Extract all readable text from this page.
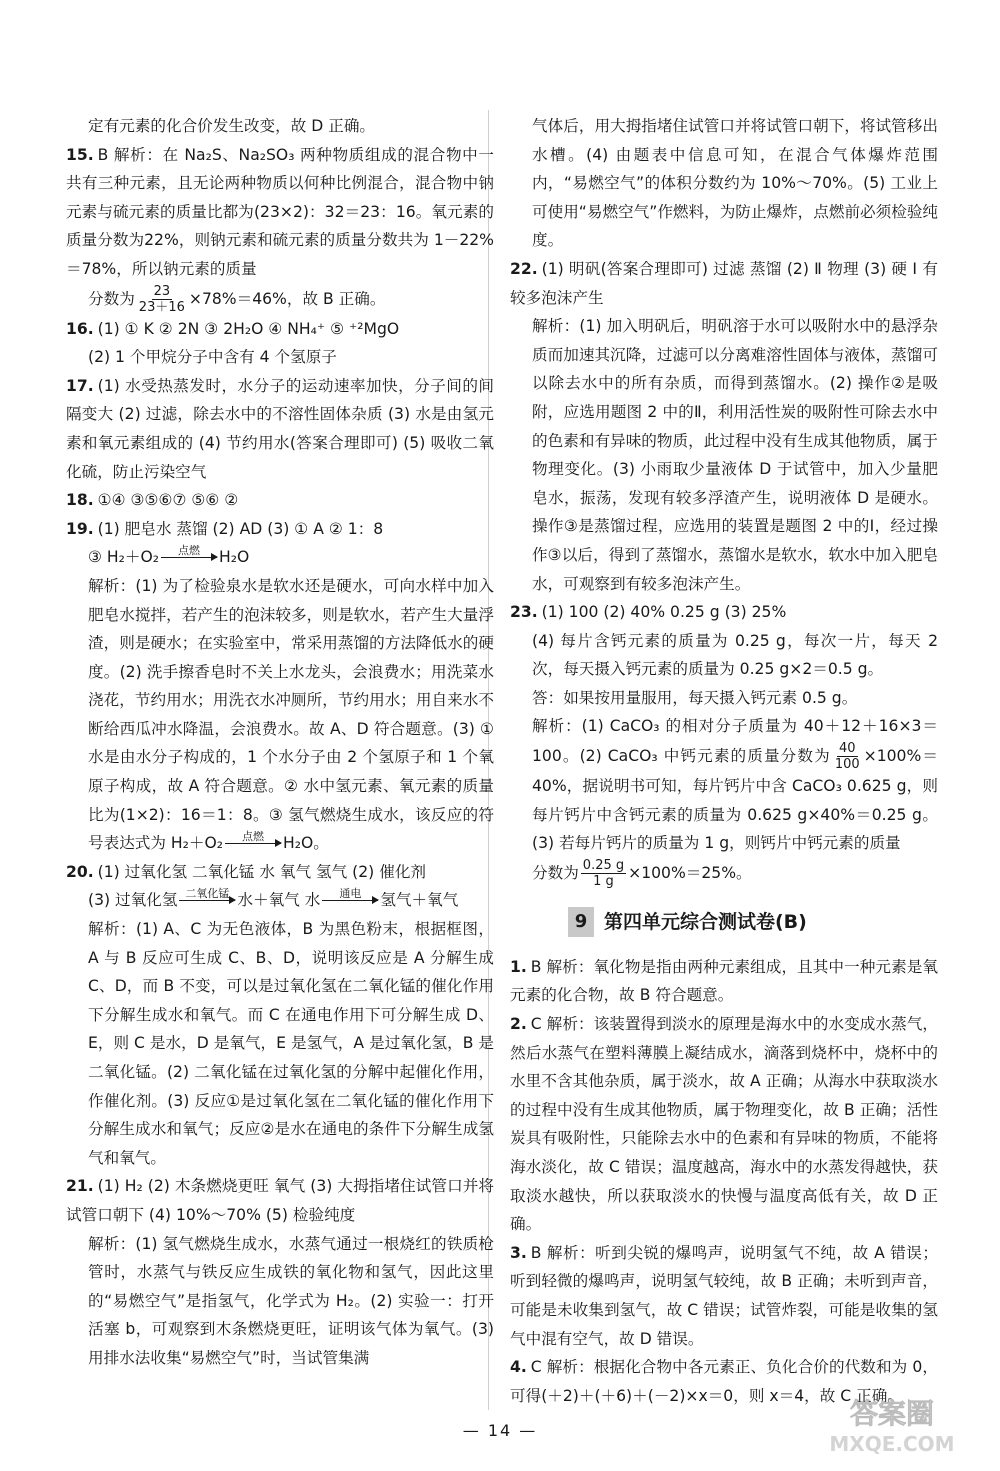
定有元素的化合价发生改变，故 D 正确。

15. B 解析：在 Na₂S、Na₂SO₃ 两种物质组成的混合物中一共有三种元素，且无论两种物质以何种比例混合，混合物中钠元素与硫元素的质量比都为(23×2)：32＝23：16。氧元素的质量分数为22%，则钠元素和硫元素的质量分数共为 1－22%＝78%，所以钠元素的质量

分数为 $\frac{23}{23+16} \times 78\%=46\%$，故 B 正确。

16. (1) ① K ② 2N ③ 2H₂O ④ NH₄⁺ ⑤ ⁺²MgO

(2) 1 个甲烷分子中含有 4 个氢原子

17. (1) 水受热蒸发时，水分子的运动速率加快，分子间的间隔变大 (2) 过滤，除去水中的不溶性固体杂质 (3) 水是由氢元素和氧元素组成的 (4) 节约用水(答案合理即可) (5) 吸收二氧化硫，防止污染空气

18. ①④ ③⑤⑥⑦ ⑤⑥ ②

19. (1) 肥皂水 蒸馏 (2) AD (3) ① A ② 1：8

③ H₂＋O₂ 点燃 H₂O

解析：(1) 为了检验泉水是软水还是硬水，可向水样中加入肥皂水搅拌，若产生的泡沫较多，则是软水，若产生大量浮渣，则是硬水；在实验室中，常采用蒸馏的方法降低水的硬度。(2) 洗手擦香皂时不关上水龙头，会浪费水；用洗菜水浇花，节约用水；用洗衣水冲厕所，节约用水；用自来水不断给西瓜冲水降温，会浪费水。故 A、D 符合题意。(3) ① 水是由水分子构成的，1 个水分子由 2 个氢原子和 1 个氧原子构成，故 A 符合题意。② 水中氢元素、氧元素的质量比为(1×2)：16＝1：8。③ 氢气燃烧生成水，该反应的符号表达式为 H₂＋O₂ 点燃 H₂O。

20. (1) 过氧化氢 二氧化锰 水 氧气 氢气 (2) 催化剂

(3) 过氧化氢 二氧化锰 水＋氧气 水 通电 氢气＋氧气

解析：(1) A、C 为无色液体，B 为黑色粉末，根据框图，A 与 B 反应可生成 C、B、D，说明该反应是 A 分解生成 C、D，而 B 不变，可以是过氧化氢在二氧化锰的催化作用下分解生成水和氧气。而 C 在通电作用下可分解生成 D、E，则 C 是水，D 是氧气，E 是氢气，A 是过氧化氢，B 是二氧化锰。(2) 二氧化锰在过氧化氢的分解中起催化作用，作催化剂。(3) 反应①是过氧化氢在二氧化锰的催化作用下分解生成水和氧气；反应②是水在通电的条件下分解生成氢气和氧气。

21. (1) H₂ (2) 木条燃烧更旺 氧气 (3) 大拇指堵住试管口并将试管口朝下 (4) 10%～70% (5) 检验纯度

解析：(1) 氢气燃烧生成水，水蒸气通过一根烧红的铁质枪管时，水蒸气与铁反应生成铁的氧化物和氢气，因此这里的“易燃空气”是指氢气，化学式为 H₂。(2) 实验一：打开活塞 b，可观察到木条燃烧更旺，证明该气体为氧气。(3) 用排水法收集“易燃空气”时，当试管集满

气体后，用大拇指堵住试管口并将试管口朝下，将试管移出水槽。(4) 由题表中信息可知，在混合气体爆炸范围内，“易燃空气”的体积分数约为 10%～70%。(5) 工业上可使用“易燃空气”作燃料，为防止爆炸，点燃前必须检验纯度。

22. (1) 明矾(答案合理即可) 过滤 蒸馏 (2) Ⅱ 物理 (3) 硬 Ⅰ 有较多泡沫产生

解析：(1) 加入明矾后，明矾溶于水可以吸附水中的悬浮杂质而加速其沉降，过滤可以分离难溶性固体与液体，蒸馏可以除去水中的所有杂质，而得到蒸馏水。(2) 操作②是吸附，应选用题图 2 中的Ⅱ，利用活性炭的吸附性可除去水中的色素和有异味的物质，此过程中没有生成其他物质，属于物理变化。(3) 小雨取少量液体 D 于试管中，加入少量肥皂水，振荡，发现有较多浮渣产生，说明液体 D 是硬水。操作③是蒸馏过程，应选用的装置是题图 2 中的Ⅰ，经过操作③以后，得到了蒸馏水，蒸馏水是软水，软水中加入肥皂水，可观察到有较多泡沫产生。

23. (1) 100 (2) 40% 0.25 g (3) 25%

(4) 每片含钙元素的质量为 0.25 g，每次一片，每天 2 次，每天摄入钙元素的质量为 0.25 g×2＝0.5 g。

答：如果按用量服用，每天摄入钙元素 0.5 g。

解析：(1) CaCO₃ 的相对分子质量为 40＋12＋16×3＝100。(2) CaCO₃ 中钙元素的质量分数为 $\frac{40}{100} \times 100\%=40\%$，据说明书可知，每片钙片中含 CaCO₃ 0.625 g，则每片钙片中含钙元素的质量为 0.625 g×40%＝0.25 g。(3) 若每片钙片的质量为 1 g，则钙片中钙元素的质量

分数为 $\frac{0.25 g}{1 g} \times 100\%=25\%$。

9 第四单元综合测试卷(B)

1. B 解析：氧化物是指由两种元素组成，且其中一种元素是氧元素的化合物，故 B 符合题意。

2. C 解析：该装置得到淡水的原理是海水中的水变成水蒸气，然后水蒸气在塑料薄膜上凝结成水，滴落到烧杯中，烧杯中的水里不含其他杂质，属于淡水，故 A 正确；从海水中获取淡水的过程中没有生成其他物质，属于物理变化，故 B 正确；活性炭具有吸附性，只能除去水中的色素和有异味的物质，不能将海水淡化，故 C 错误；温度越高，海水中的水蒸发得越快，获取淡水越快，所以获取淡水的快慢与温度高低有关，故 D 正确。

3. B 解析：听到尖锐的爆鸣声，说明氢气不纯，故 A 错误；听到轻微的爆鸣声，说明氢气较纯，故 B 正确；未听到声音，可能是未收集到氢气，故 C 错误；试管炸裂，可能是收集的氢气中混有空气，故 D 错误。

4. C 解析：根据化合物中各元素正、负化合价的代数和为 0，可得(＋2)＋(＋6)＋(－2)×x＝0，则 x＝4，故 C 正确。

— 14 —
答案圈
MXQE.COM
